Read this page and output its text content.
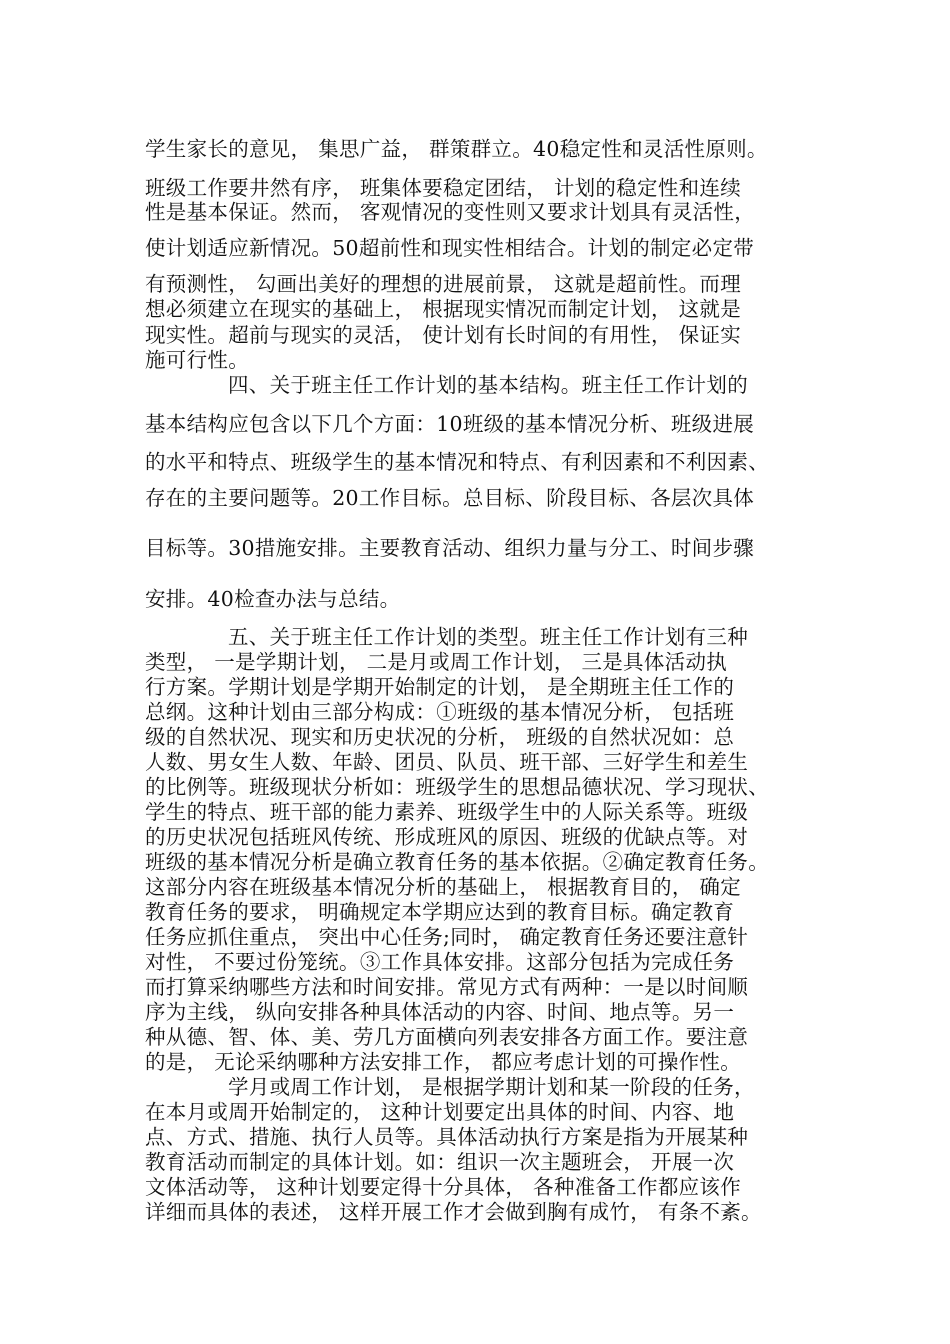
学生家长的意见， 集思广益， 群策群立。40稳定性和灵活性原则。
班级工作要井然有序， 班集体要稳定团结， 计划的稳定性和连续
性是基本保证。然而， 客观情况的变性则又要求计划具有灵活性，
使计划适应新情况。50超前性和现实性相结合。计划的制定必定带
有预测性， 勾画出美好的理想的进展前景， 这就是超前性。而理
想必须建立在现实的基础上， 根据现实情况而制定计划， 这就是
现实性。超前与现实的灵活， 使计划有长时间的有用性， 保证实
施可行性。
四、关于班主任工作计划的基本结构。班主任工作计划的
基本结构应包含以下几个方面：10班级的基本情况分析、班级进展
的水平和特点、班级学生的基本情况和特点、有利因素和不利因素、
存在的主要问题等。20工作目标。总目标、阶段目标、各层次具体
目标等。30措施安排。主要教育活动、组织力量与分工、时间步骤
安排。40检查办法与总结。
五、关于班主任工作计划的类型。班主任工作计划有三种
类型， 一是学期计划， 二是月或周工作计划， 三是具体活动执
行方案。学期计划是学期开始制定的计划， 是全期班主任工作的
总纲。这种计划由三部分构成：①班级的基本情况分析， 包括班
级的自然状况、现实和历史状况的分析， 班级的自然状况如：总
人数、男女生人数、年龄、团员、队员、班干部、三好学生和差生
的比例等。班级现状分析如：班级学生的思想品德状况、学习现状、
学生的特点、班干部的能力素养、班级学生中的人际关系等。班级
的历史状况包括班风传统、形成班风的原因、班级的优缺点等。对
班级的基本情况分析是确立教育任务的基本依据。②确定教育任务。
这部分内容在班级基本情况分析的基础上， 根据教育目的， 确定
教育任务的要求， 明确规定本学期应达到的教育目标。确定教育
任务应抓住重点， 突出中心任务;同时， 确定教育任务还要注意针
对性， 不要过份笼统。③工作具体安排。这部分包括为完成任务
而打算采纳哪些方法和时间安排。常见方式有两种：一是以时间顺
序为主线， 纵向安排各种具体活动的内容、时间、地点等。另一
种从德、智、体、美、劳几方面横向列表安排各方面工作。要注意
的是， 无论采纳哪种方法安排工作， 都应考虑计划的可操作性。
学月或周工作计划， 是根据学期计划和某一阶段的任务，
在本月或周开始制定的， 这种计划要定出具体的时间、内容、地
点、方式、措施、执行人员等。具体活动执行方案是指为开展某种
教育活动而制定的具体计划。如：组识一次主题班会， 开展一次
文体活动等， 这种计划要定得十分具体， 各种准备工作都应该作
详细而具体的表述， 这样开展工作才会做到胸有成竹， 有条不紊。
